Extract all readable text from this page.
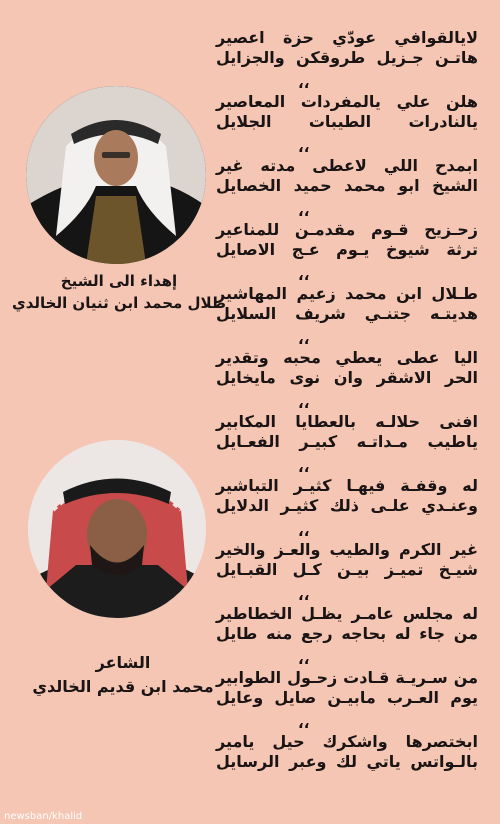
لايالقوافي عودّي حزة اعصير
هاتـن جـزيل طروقكن والجزايل
،،
هلن علي يالمفردات المعاصير
يالنادرات الطيبات الجلايل
،،
ابمدح اللي لاعطى مدته غير
الشيخ ابو محمد حميد الخصايل
،،
زحـزيح قـوم مقدمـن للمناعير
ترثة شيوخ يـوم عـج الاصايل
،،
طـلال ابن محمد زعيم المهاشير
هديتـه جتنـي شريف السلايل
،،
اليا عطى يعطي محبه وتقدير
الحر الاشقر وان نوى مايخايل
،،
افنى حلالـه بالعطايا المكابير
ياطيب مـداتـه كبيـر الفعـايل
،،
له وقفـة فيهـا كثيـر التباشير
وعنـدي علـى ذلك كثيـر الدلايل
،،
غير الكرم والطيب والعـز والخير
شيـخ تميـز بيـن كـل القبـايل
،،
له مجلس عامـر يظـل الخطاطير
من جاء له بحاجه رجع منه طايل
،،
من سـريـة قـادت زحـول الطوابير
يوم العـرب مابيـن صايل وعايل
،،
ابختصرها واشكرك حيل يامير
بالـواتس ياتي لك وعبر الرسايل
إهداء الى الشيخ
طلال محمد ابن ثنيان الخالدي
الشاعر
محمد ابن قديم الخالدي
newsban/khalid
